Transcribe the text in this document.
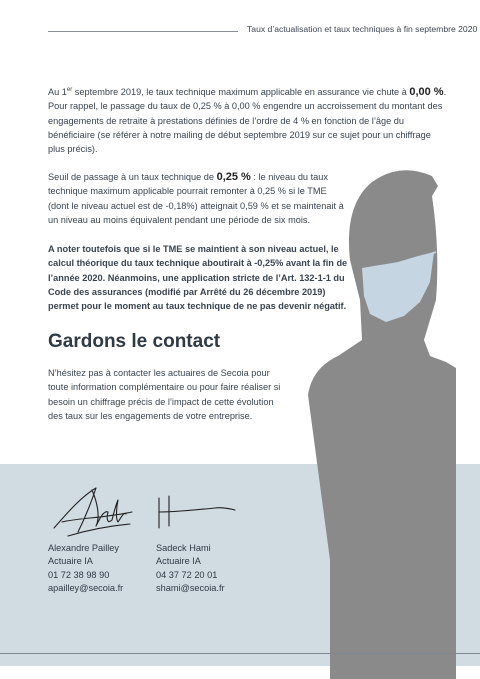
Taux d’actualisation et taux techniques à fin septembre 2020
Au 1er septembre 2019, le taux technique maximum applicable en assurance vie chute à 0,00 %. Pour rappel, le passage du taux de 0,25 % à 0,00 % engendre un accroissement du montant des engagements de retraite à prestations définies de l’ordre de 4 % en fonction de l’âge du bénéficiaire (se référer à notre mailing de début septembre 2019 sur ce sujet pour un chiffrage plus précis).
Seuil de passage à un taux technique de 0,25 % : le niveau du taux technique maximum applicable pourrait remonter à 0,25 % si le TME (dont le niveau actuel est de -0,18%) atteignait 0,59 % et se maintenait à un niveau au moins équivalent pendant une période de six mois.
A noter toutefois que si le TME se maintient à son niveau actuel, le calcul théorique du taux technique aboutirait à -0,25% avant la fin de l’année 2020. Néanmoins, une application stricte de l’Art. 132-1-1 du Code des assurances (modifié par Arrêté du 26 décembre 2019) permet pour le moment au taux technique de ne pas devenir négatif.
Gardons le contact
N’hésitez pas à contacter les actuaires de Secoia pour toute information complémentaire ou pour faire réaliser si besoin un chiffrage précis de l’impact de cette évolution des taux sur les engagements de votre entreprise.
Alexandre Pailley
Actuaire IA
01 72 38 98 90
apailley@secoia.fr
Sadeck Hami
Actuaire IA
04 37 72 20 01
shami@secoia.fr
